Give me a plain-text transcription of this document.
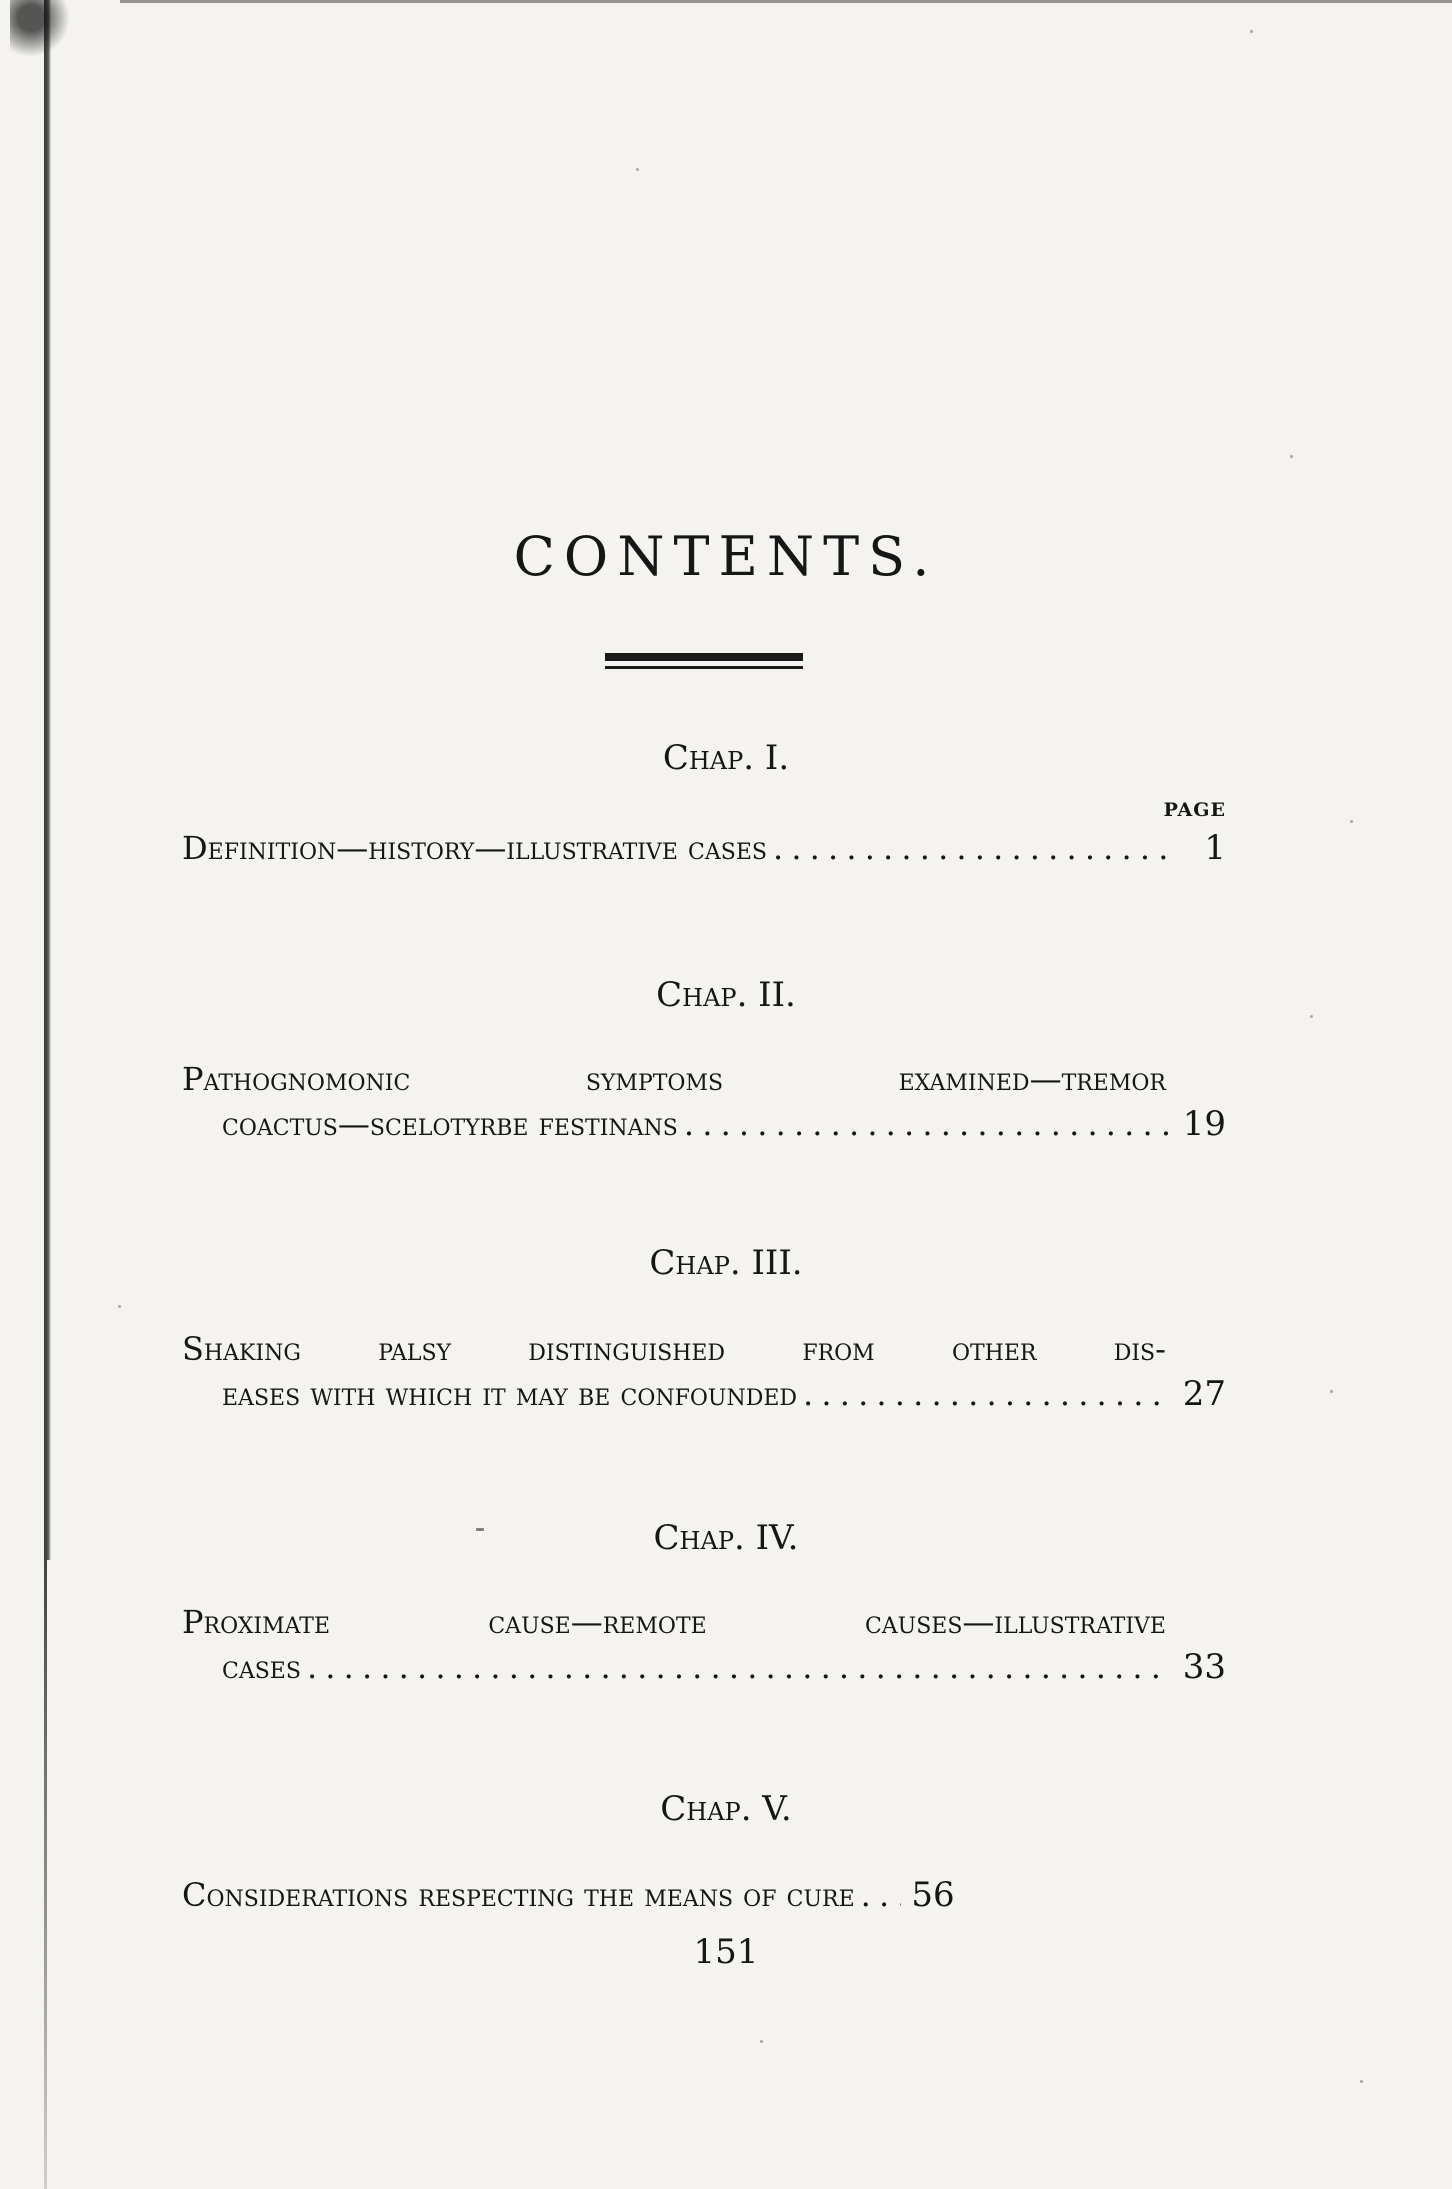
CONTENTS.
Chap. I.
PAGE
Definition—history—illustrative cases . . .	1
Chap. II.
Pathognomonic	symptoms	examined—tremor
coactus—scelotyrbe festinans . . .	19
Chap. III.
Shaking palsy distinguished from other dis-
eases with which it may be confounded . . .	27
Chap. IV.
Proximate	cause—remote	causes—illustrative
cases . . .	33
Chap. V.
Considerations respecting the means of cure . . . 56
151
